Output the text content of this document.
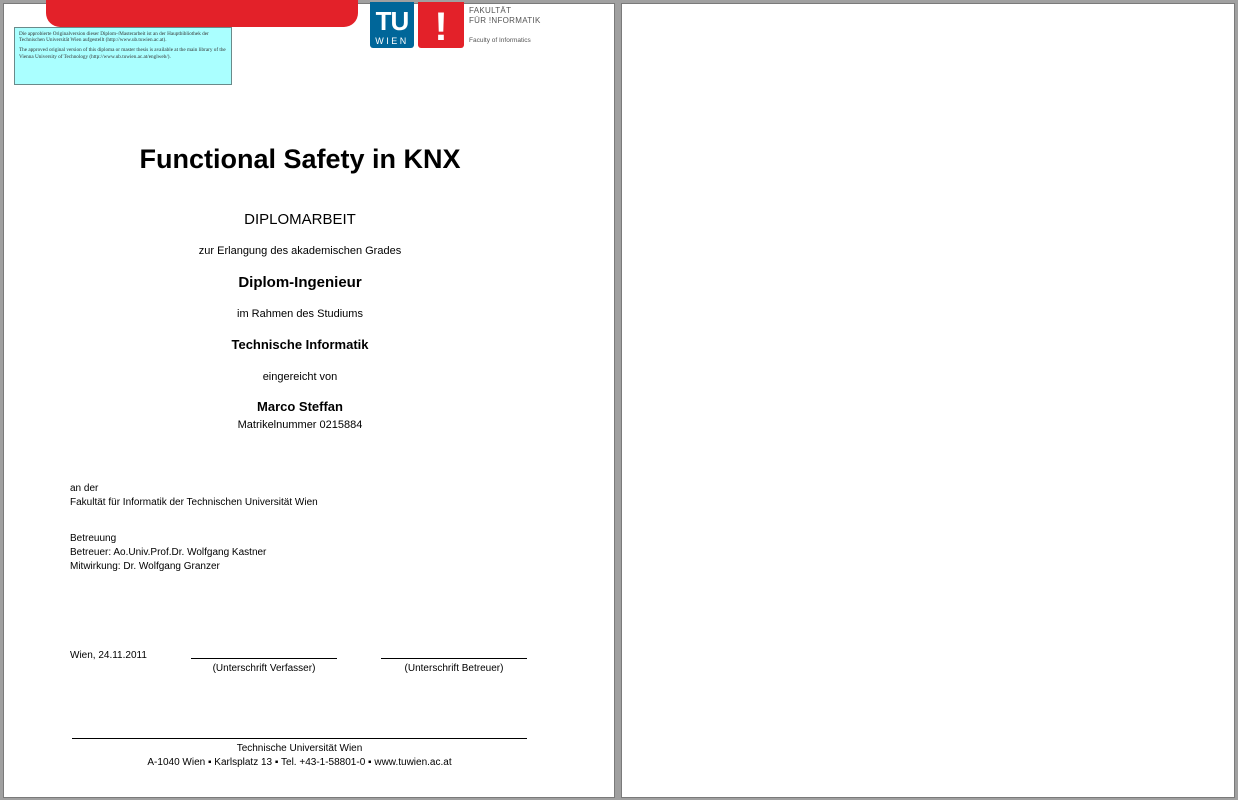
Die approbierte Originalversion dieser Diplom-/Masterarbeit ist an der Hauptbibliothek der Technischen Universität Wien aufgestellt (http://www.ub.tuwien.ac.at).

The approved original version of this diploma or master thesis is available at the main library of the Vienna University of Technology (http://www.ub.tuwien.ac.at/englweb/).

TU
WIEN !	FAKULTÄT
FÜR !NFORMATIK
Faculty of Informatics
Functional Safety in KNX
DIPLOMARBEIT
zur Erlangung des akademischen Grades
Diplom-Ingenieur
im Rahmen des Studiums
Technische Informatik
eingereicht von
Marco Steffan
Matrikelnummer 0215884
an der
Fakultät für Informatik der Technischen Universität Wien
Betreuung
Betreuer: Ao.Univ.Prof.Dr. Wolfgang Kastner
Mitwirkung: Dr. Wolfgang Granzer
Wien, 24.11.2011
(Unterschrift Verfasser)	(Unterschrift Betreuer)
Technische Universität Wien
A-1040 Wien ▪ Karlsplatz 13 ▪ Tel. +43-1-58801-0 ▪ www.tuwien.ac.at
